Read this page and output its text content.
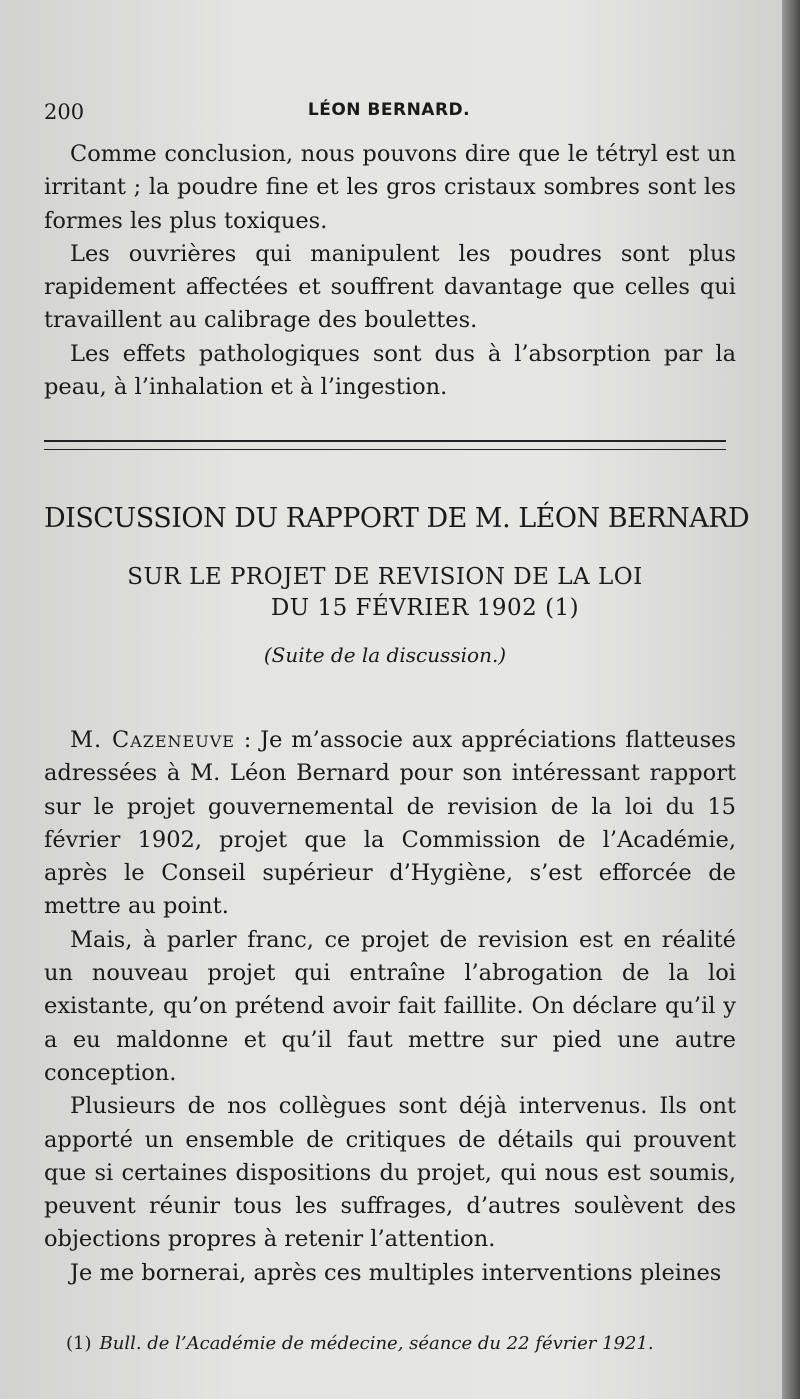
200	LÉON BERNARD.

Comme conclusion, nous pouvons dire que le tétryl est un irritant ; la poudre fine et les gros cristaux sombres sont les formes les plus toxiques.

Les ouvrières qui manipulent les poudres sont plus rapidement affectées et souffrent davantage que celles qui travaillent au calibrage des boulettes.

Les effets pathologiques sont dus à l’absorption par la peau, à l’inhalation et à l’ingestion.

DISCUSSION DU RAPPORT DE M. LÉON BERNARD
SUR LE PROJET DE REVISION DE LA LOI
DU 15 FÉVRIER 1902 (1)
(Suite de la discussion.)

M. Cazeneuve : Je m’associe aux appréciations flatteuses adressées à M. Léon Bernard pour son intéressant rapport sur le projet gouvernemental de revision de la loi du 15 février 1902, projet que la Commission de l’Académie, après le Conseil supérieur d’Hygiène, s’est efforcée de mettre au point.

Mais, à parler franc, ce projet de revision est en réalité un nouveau projet qui entraîne l’abrogation de la loi existante, qu’on prétend avoir fait faillite. On déclare qu’il y a eu maldonne et qu’il faut mettre sur pied une autre conception.

Plusieurs de nos collègues sont déjà intervenus. Ils ont apporté un ensemble de critiques de détails qui prouvent que si certaines dispositions du projet, qui nous est soumis, peuvent réunir tous les suffrages, d’autres soulèvent des objections propres à retenir l’attention.

Je me bornerai, après ces multiples interventions pleines

(1) Bull. de l’Académie de médecine, séance du 22 février 1921.
